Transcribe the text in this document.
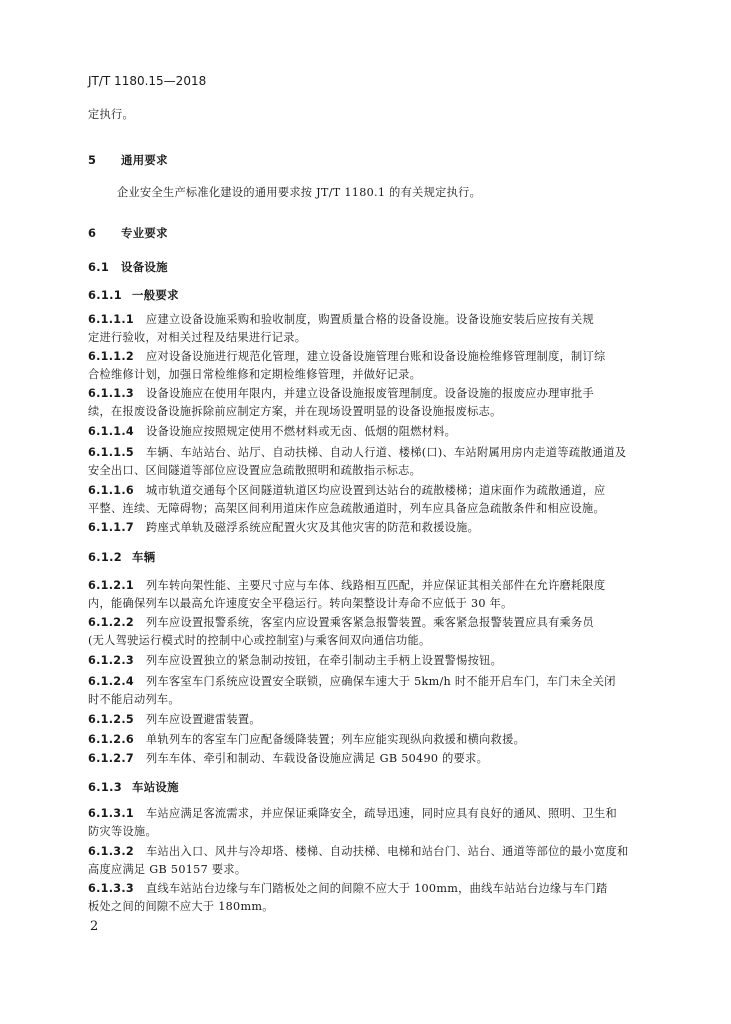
JT/T 1180.15—2018
定执行。
5 通用要求
企业安全生产标准化建设的通用要求按 JT/T 1180.1 的有关规定执行。
6 专业要求
6.1 设备设施
6.1.1 一般要求
6.1.1.1 应建立设备设施采购和验收制度，购置质量合格的设备设施。设备设施安装后应按有关规
定进行验收，对相关过程及结果进行记录。
6.1.1.2 应对设备设施进行规范化管理，建立设备设施管理台账和设备设施检维修管理制度，制订综
合检维修计划，加强日常检维修和定期检维修管理，并做好记录。
6.1.1.3 设备设施应在使用年限内，并建立设备设施报废管理制度。设备设施的报废应办理审批手
续，在报废设备设施拆除前应制定方案，并在现场设置明显的设备设施报废标志。
6.1.1.4 设备设施应按照规定使用不燃材料或无卤、低烟的阻燃材料。
6.1.1.5 车辆、车站站台、站厅、自动扶梯、自动人行道、楼梯(口)、车站附属用房内走道等疏散通道及
安全出口、区间隧道等部位应设置应急疏散照明和疏散指示标志。
6.1.1.6 城市轨道交通每个区间隧道轨道区均应设置到达站台的疏散楼梯；道床面作为疏散通道，应
平整、连续、无障碍物；高架区间利用道床作应急疏散通道时，列车应具备应急疏散条件和相应设施。
6.1.1.7 跨座式单轨及磁浮系统应配置火灾及其他灾害的防范和救援设施。
6.1.2 车辆
6.1.2.1 列车转向架性能、主要尺寸应与车体、线路相互匹配，并应保证其相关部件在允许磨耗限度
内，能确保列车以最高允许速度安全平稳运行。转向架整设计寿命不应低于 30 年。
6.1.2.2 列车应设置报警系统，客室内应设置乘客紧急报警装置。乘客紧急报警装置应具有乘务员
(无人驾驶运行模式时的控制中心或控制室)与乘客间双向通信功能。
6.1.2.3 列车应设置独立的紧急制动按钮，在牵引制动主手柄上设置警惕按钮。
6.1.2.4 列车客室车门系统应设置安全联锁，应确保车速大于 5km/h 时不能开启车门，车门未全关闭
时不能启动列车。
6.1.2.5 列车应设置避雷装置。
6.1.2.6 单轨列车的客室车门应配备缓降装置；列车应能实现纵向救援和横向救援。
6.1.2.7 列车车体、牵引和制动、车载设备设施应满足 GB 50490 的要求。
6.1.3 车站设施
6.1.3.1 车站应满足客流需求，并应保证乘降安全，疏导迅速，同时应具有良好的通风、照明、卫生和
防灾等设施。
6.1.3.2 车站出入口、风井与冷却塔、楼梯、自动扶梯、电梯和站台门、站台、通道等部位的最小宽度和
高度应满足 GB 50157 要求。
6.1.3.3 直线车站站台边缘与车门踏板处之间的间隙不应大于 100mm，曲线车站站台边缘与车门踏
板处之间的间隙不应大于 180mm。
2
